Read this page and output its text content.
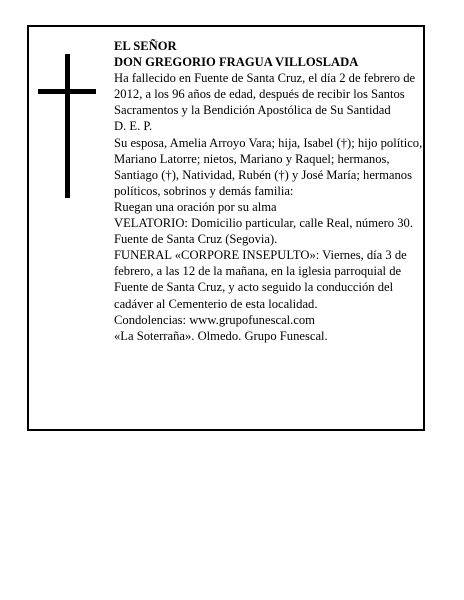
EL SEÑOR

DON GREGORIO FRAGUA VILLOSLADA

Ha fallecido en Fuente de Santa Cruz, el día 2 de febrero de 2012, a los 96 años de edad, después de recibir los Santos Sacramentos y la Bendición Apostólica de Su Santidad

D. E. P.

Su esposa, Amelia Arroyo Vara; hija, Isabel (†); hijo político, Mariano Latorre; nietos, Mariano y Raquel; hermanos, Santiago (†), Natividad, Rubén (†) y José María; hermanos políticos, sobrinos y demás familia:

Ruegan una oración por su alma

VELATORIO: Domicilio particular, calle Real, número 30. Fuente de Santa Cruz (Segovia).

FUNERAL «CORPORE INSEPULTO»: Viernes, día 3 de febrero, a las 12 de la mañana, en la iglesia parroquial de Fuente de Santa Cruz, y acto seguido la conducción del cadáver al Cementerio de esta localidad.

Condolencias: www.grupofunescal.com

«La Soterraña». Olmedo. Grupo Funescal.
